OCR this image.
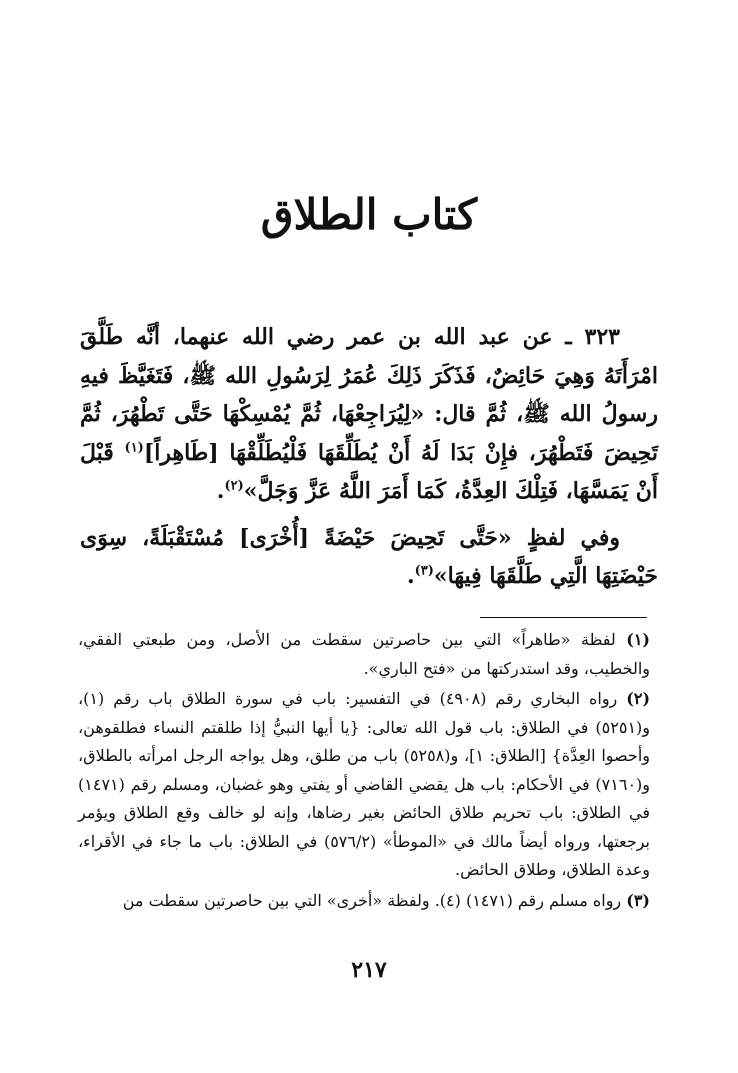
كتاب الطلاق

٣٢٣ ـ عن عبد الله بن عمر رضي الله عنهما، أنَّه طَلَّقَ امْرَأَتَهُ وَهِيَ حَائِضٌ، فَذَكَرَ ذَلِكَ عُمَرُ لِرَسُولِ الله ﷺ، فَتَغَيَّظَ فيهِ رسولُ الله ﷺ، ثُمَّ قال: «لِيُرَاجِعْهَا، ثُمَّ يُمْسِكْهَا حَتَّى تَطْهُرَ، ثُمَّ تَحِيضَ فَتَطْهُرَ، فإِنْ بَدَا لَهُ أَنْ يُطَلِّقَهَا فَلْيُطَلِّقْهَا [طَاهِراً]$^{(١)}$ قَبْلَ أَنْ يَمَسَّهَا، فَتِلْكَ العِدَّةُ، كَمَا أَمَرَ اللَّهُ عَزَّ وَجَلَّ»$^{(٢)}$.

وفي لفظٍ «حَتَّى تَحِيضَ حَيْضَةً [أُخْرَى] مُسْتَقْبَلَةً، سِوَى حَيْضَتِهَا الَّتِي طَلَّقَهَا فِيهَا»$^{(٣)}$.

(١) لفظة «طاهراً» التي بين حاصرتين سقطت من الأصل، ومن طبعتي الفقي، والخطيب، وقد استدركتها من «فتح الباري».

(٢) رواه البخاري رقم (٤٩٠٨) في التفسير: باب في سورة الطلاق باب رقم (١)، و(٥٢٥١) في الطلاق: باب قول الله تعالى: {يا أيها النبيُّ إذا طلقتم النساء فطلقوهن، وأحصوا العِدَّة} [الطلاق: ١]، و(٥٢٥٨) باب من طلق، وهل يواجه الرجل امرأته بالطلاق، و(٧١٦٠) في الأحكام: باب هل يقضي القاضي أو يفتي وهو غضبان، ومسلم رقم (١٤٧١) في الطلاق: باب تحريم طلاق الحائض بغير رضاها، وإنه لو خالف وقع الطلاق ويؤمر برجعتها، ورواه أيضاً مالك في «الموطأ» (٥٧٦/٢) في الطلاق: باب ما جاء في الأقراء، وعدة الطلاق، وطلاق الحائض.

(٣) رواه مسلم رقم (١٤٧١) (٤). ولفظة «أخرى» التي بين حاصرتين سقطت من

٢١٧
